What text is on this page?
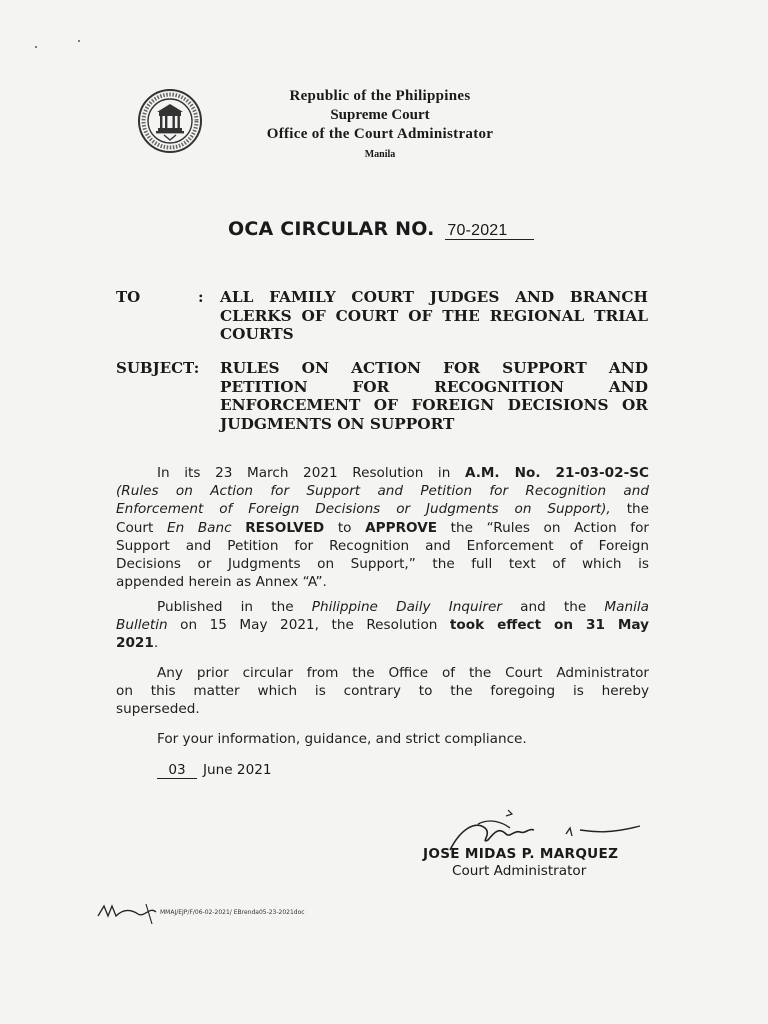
Republic of the Philippines
Supreme Court
Office of the Court Administrator
Manila
OCA CIRCULAR NO. 70-2021
TO	: ALL FAMILY COURT JUDGES AND BRANCH
CLERKS OF COURT OF THE REGIONAL TRIAL
COURTS
SUBJECT: RULES ON ACTION FOR SUPPORT AND
PETITION FOR RECOGNITION AND
ENFORCEMENT OF FOREIGN DECISIONS OR
JUDGMENTS ON SUPPORT
In its 23 March 2021 Resolution in A.M. No. 21-03-02-SC
(Rules on Action for Support and Petition for Recognition and
Enforcement of Foreign Decisions or Judgments on Support), the
Court En Banc RESOLVED to APPROVE the “Rules on Action for
Support and Petition for Recognition and Enforcement of Foreign
Decisions or Judgments on Support,” the full text of which is
appended herein as Annex “A”.
Published in the Philippine Daily Inquirer and the Manila
Bulletin on 15 May 2021, the Resolution took effect on 31 May
2021.
Any prior circular from the Office of the Court Administrator
on this matter which is contrary to the foregoing is hereby
superseded.
For your information, guidance, and strict compliance.
03 June 2021
JOSE MIDAS P. MARQUEZ
Court Administrator
MMAJ/EJP/F/06-02-2021/ EBrenda05-23-2021doc
